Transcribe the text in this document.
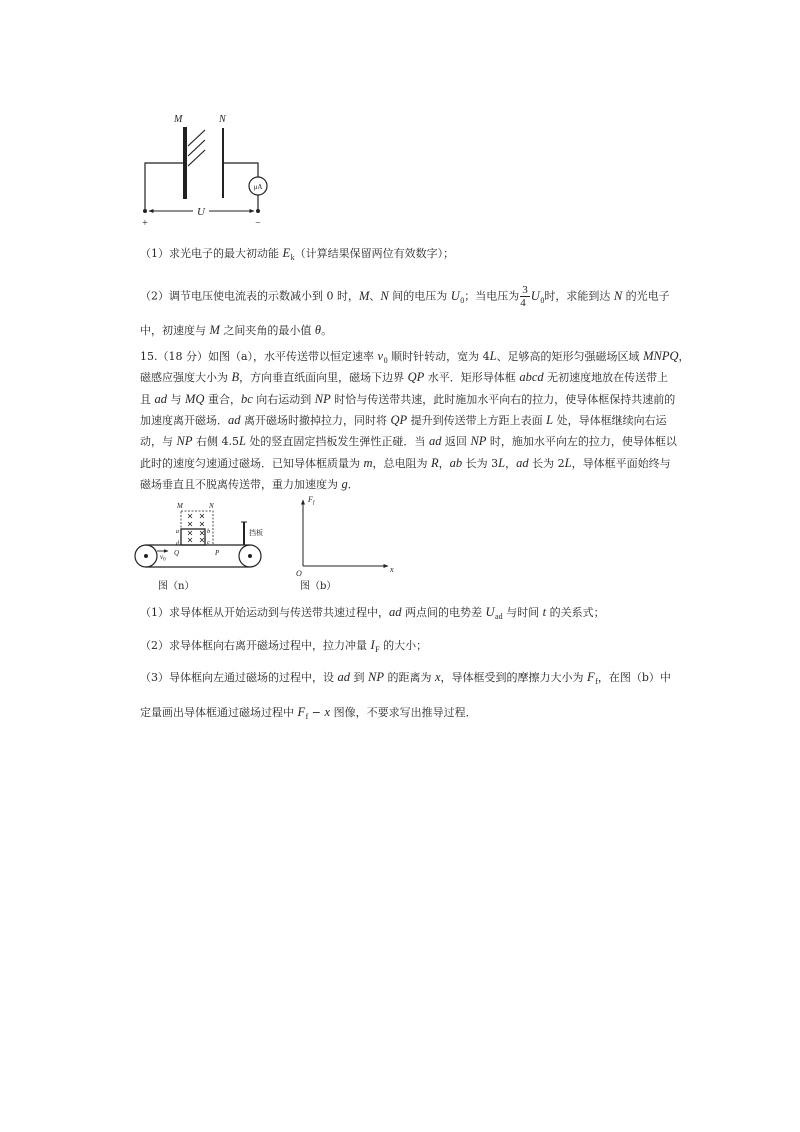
M	N
μA
U
+	−
M	N
a
d
b
c
Q	P
$v_0$
挡板
图（n）
$F_f$
x
O
图（b）
（1）求光电子的最大初动能 $E_k$（计算结果保留两位有效数字）；
（2）调节电压使电流表的示数减小到 0 时，M、N 间的电压为 $U_0$；当电压为 $\frac{3}{4} U_0$时，求能到达 N 的光电子
中，初速度与 M 之间夹角的最小值 θ。
15.（18 分）如图（a），水平传送带以恒定速率 $v_0$ 顺时针转动，宽为 4L、足够高的矩形匀强磁场区域 MNPQ，
磁感应强度大小为 B，方向垂直纸面向里，磁场下边界 QP 水平．矩形导体框 abcd 无初速度地放在传送带上
且 ad 与 MQ 重合，bc 向右运动到 NP 时恰与传送带共速，此时施加水平向右的拉力，使导体框保持共速前的
加速度离开磁场．ad 离开磁场时撤掉拉力，同时将 QP 提升到传送带上方距上表面 L 处，导体框继续向右运
动，与 NP 右侧 4.5L 处的竖直固定挡板发生弹性正碰．当 ad 返回 NP 时，施加水平向左的拉力，使导体框以
此时的速度匀速通过磁场．已知导体框质量为 m，总电阻为 R，ab 长为 3L，ad 长为 2L，导体框平面始终与
磁场垂直且不脱离传送带，重力加速度为 g．
（1）求导体框从开始运动到与传送带共速过程中，ad 两点间的电势差 $U_{ad}$ 与时间 t 的关系式；
（2）求导体框向右离开磁场过程中，拉力冲量 $I_F$ 的大小；
（3）导体框向左通过磁场的过程中，设 ad 到 NP 的距离为 x，导体框受到的摩擦力大小为 $F_f$，在图（b）中
定量画出导体框通过磁场过程中 $F_f - x$ 图像，不要求写出推导过程．
